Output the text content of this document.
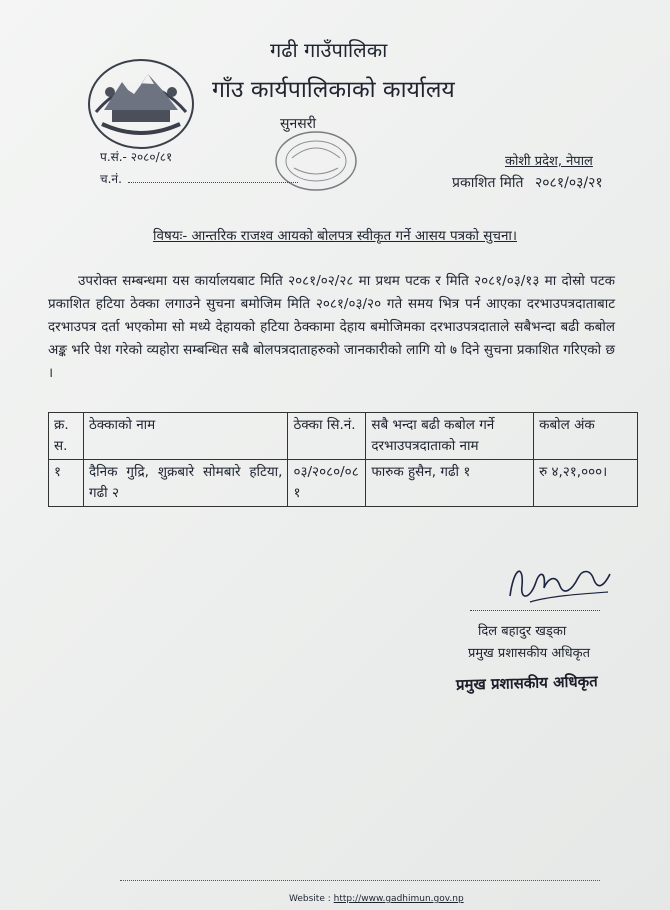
गढी गाउँपालिका
गाँउ कार्यपालिकाको कार्यालय
सुनसरी
प.सं.- २०८०/८१
च.नं.
कोशी प्रदेश, नेपाल
प्रकाशित मिति २०८१/०३/२१
विषयः- आन्तरिक राजश्व आयको बोलपत्र स्वीकृत गर्ने आसय पत्रको सुचना।
उपरोक्त सम्बन्धमा यस कार्यालयबाट मिति २०८१/०२/२८ मा प्रथम पटक र मिति २०८१/०३/१३ मा दोस्रो पटक प्रकाशित हटिया ठेक्का लगाउने सुचना बमोजिम मिति २०८१/०३/२० गते समय भित्र पर्न आएका दरभाउपत्रदाताबाट दरभाउपत्र दर्ता भएकोमा सो मध्ये देहायको हटिया ठेक्कामा देहाय बमोजिमका दरभाउपत्रदाताले सबैभन्दा बढी कबोल अङ्क भरि पेश गरेको व्यहोरा सम्बन्धित सबै बोलपत्रदाताहरुको जानकारीको लागि यो ७ दिने सुचना प्रकाशित गरिएको छ ।
क्र. स.	ठेक्काको नाम	ठेक्का सि.नं.	सबै भन्दा बढी कबोल गर्ने दरभाउपत्रदाताको नाम	कबोल अंक
१	दैनिक गुद्रि, शुक्रबारे सोमबारे हटिया, गढी २	०३/२०८०/०८१	फारुक हुसैन, गढी १	रु ४,२१,०००।
दिल बहादुर खड्का
प्रमुख प्रशासकीय अधिकृत
प्रमुख प्रशासकीय अधिकृत
Website : http://www.gadhimun.gov.np
